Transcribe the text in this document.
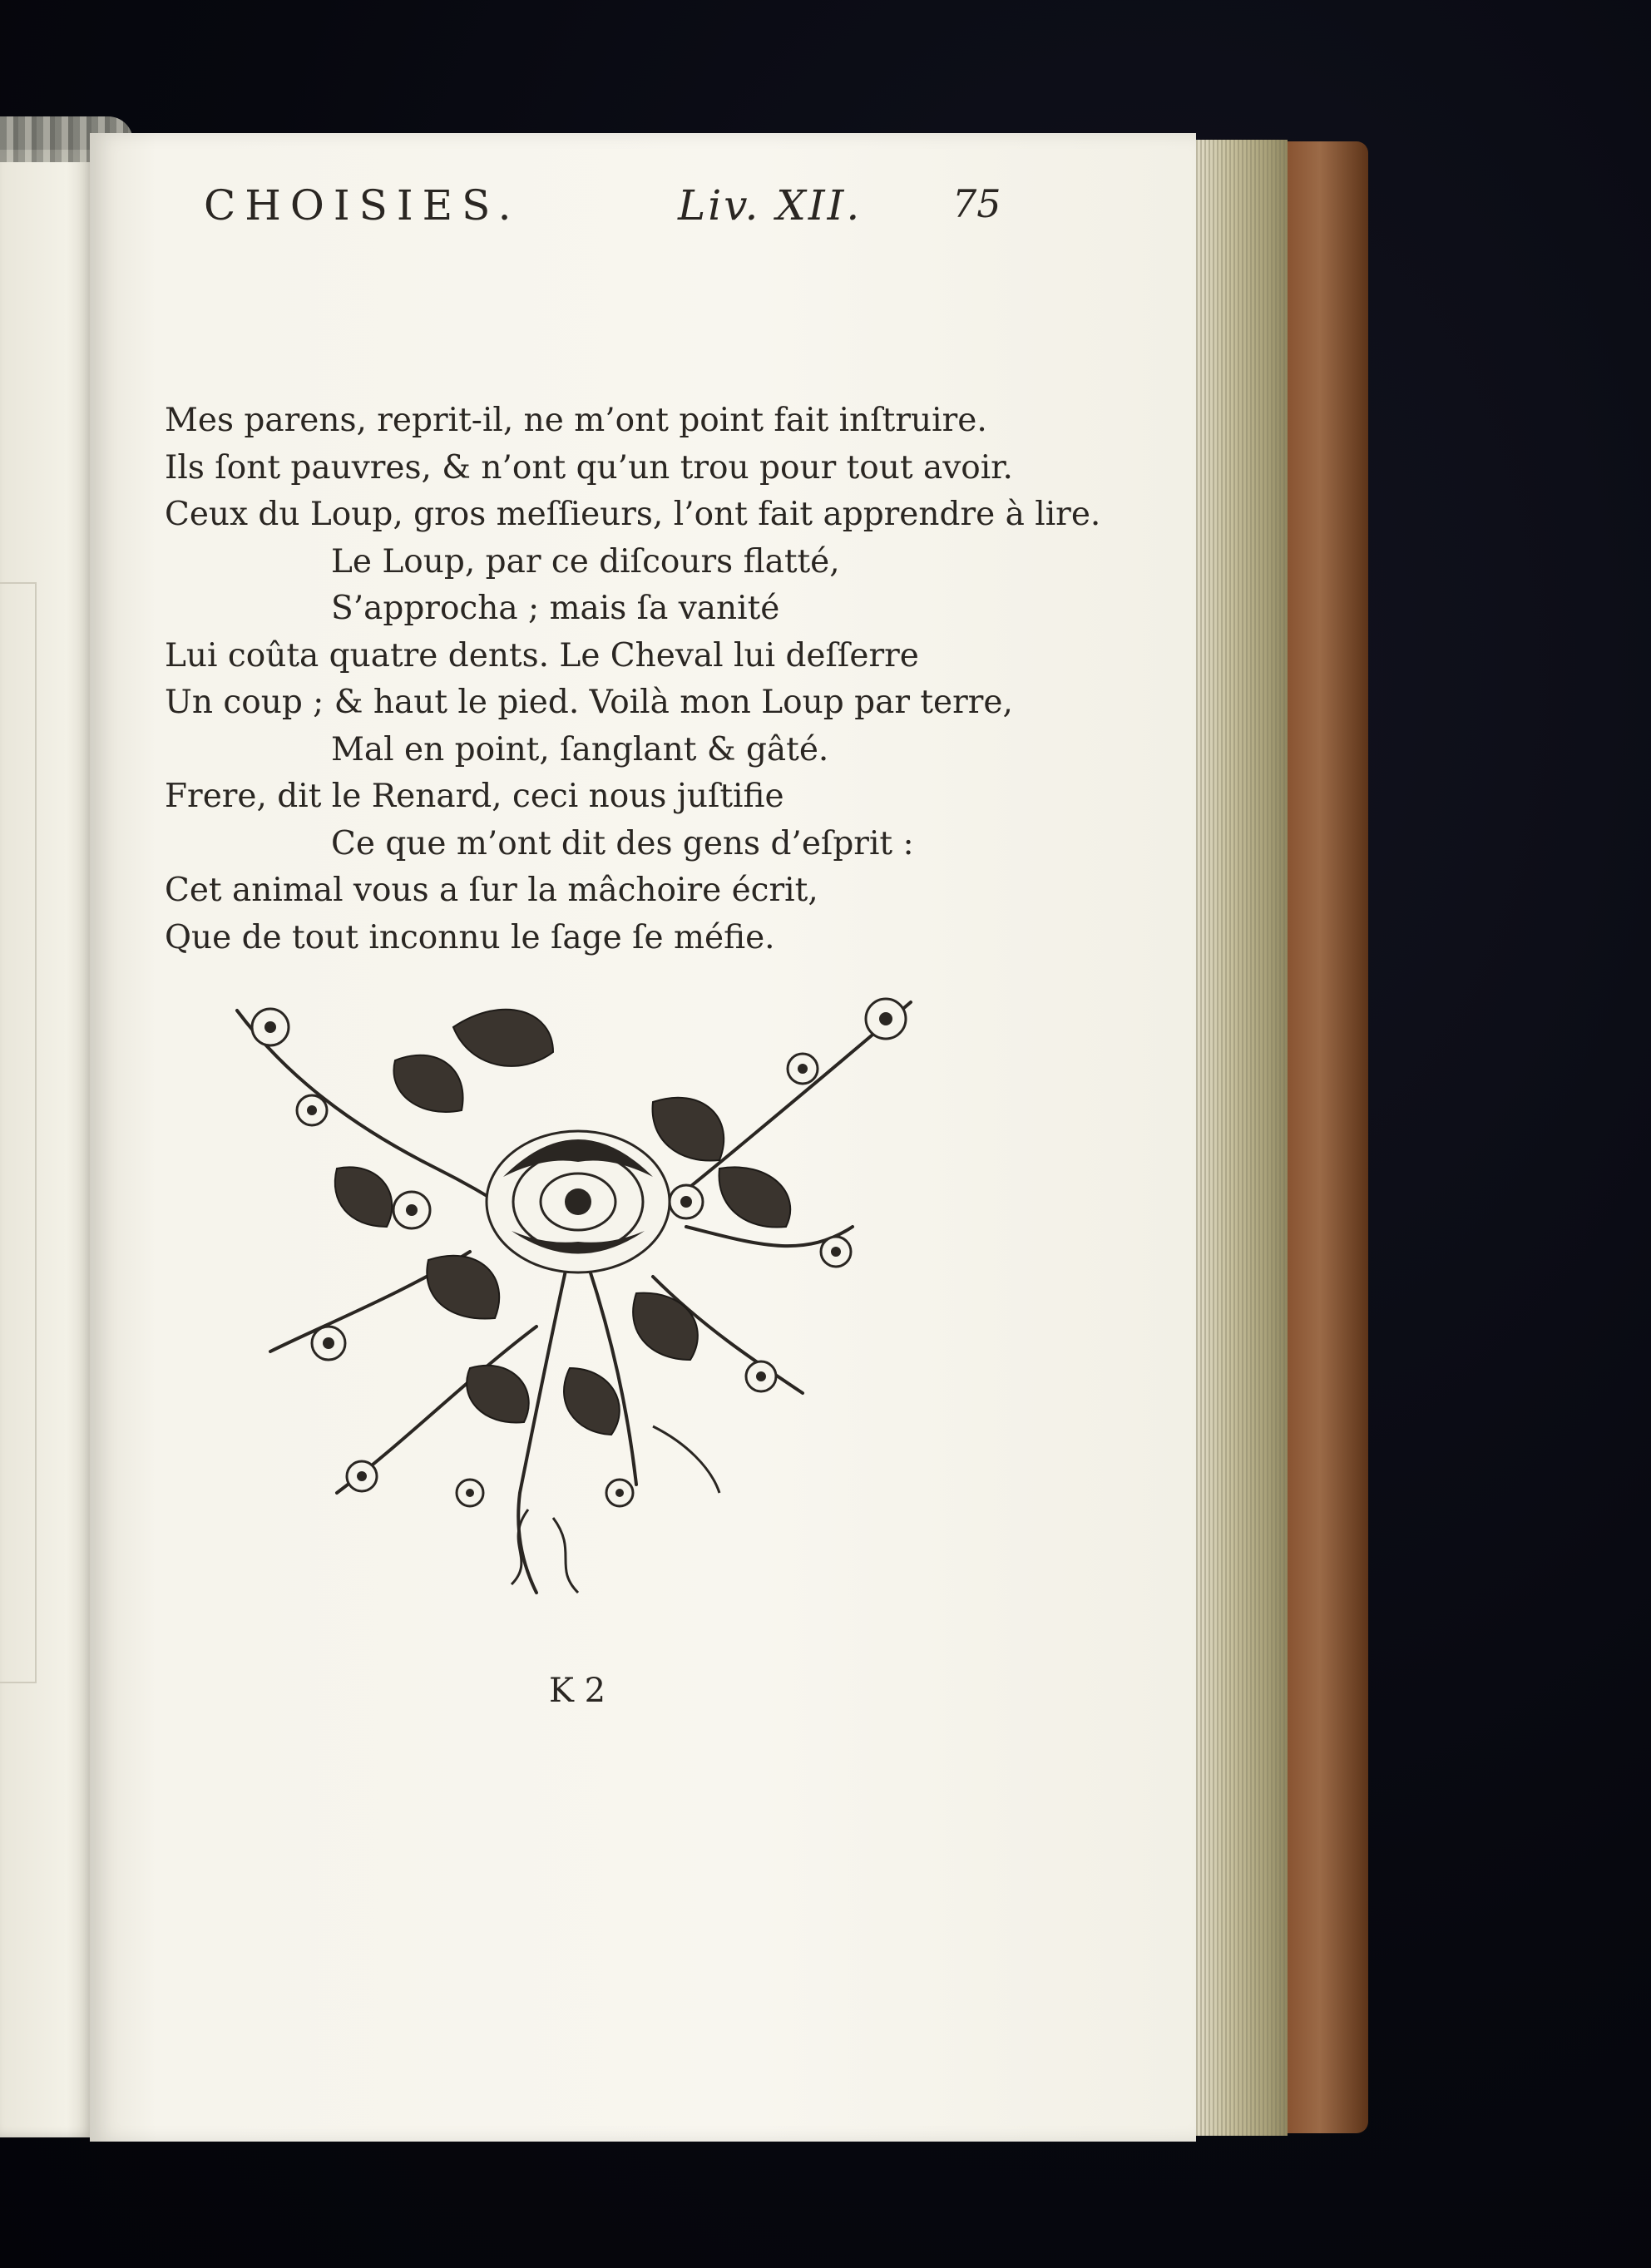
CHOISIES.	Liv. XII. 75
Mes parens, reprit-il, ne m’ont point fait inſtruire.
Ils ſont pauvres, & n’ont qu’un trou pour tout avoir.
Ceux du Loup, gros meſſieurs, l’ont fait apprendre à lire.
Le Loup, par ce diſcours flatté,
S’approcha ; mais ſa vanité
Lui coûta quatre dents. Le Cheval lui deſſerre
Un coup ; & haut le pied. Voilà mon Loup par terre,
Mal en point, ſanglant & gâté.
Frere, dit le Renard, ceci nous juſtifie
Ce que m’ont dit des gens d’eſprit :
Cet animal vous a ſur la mâchoire écrit,
Que de tout inconnu le ſage ſe méfie.
K 2
